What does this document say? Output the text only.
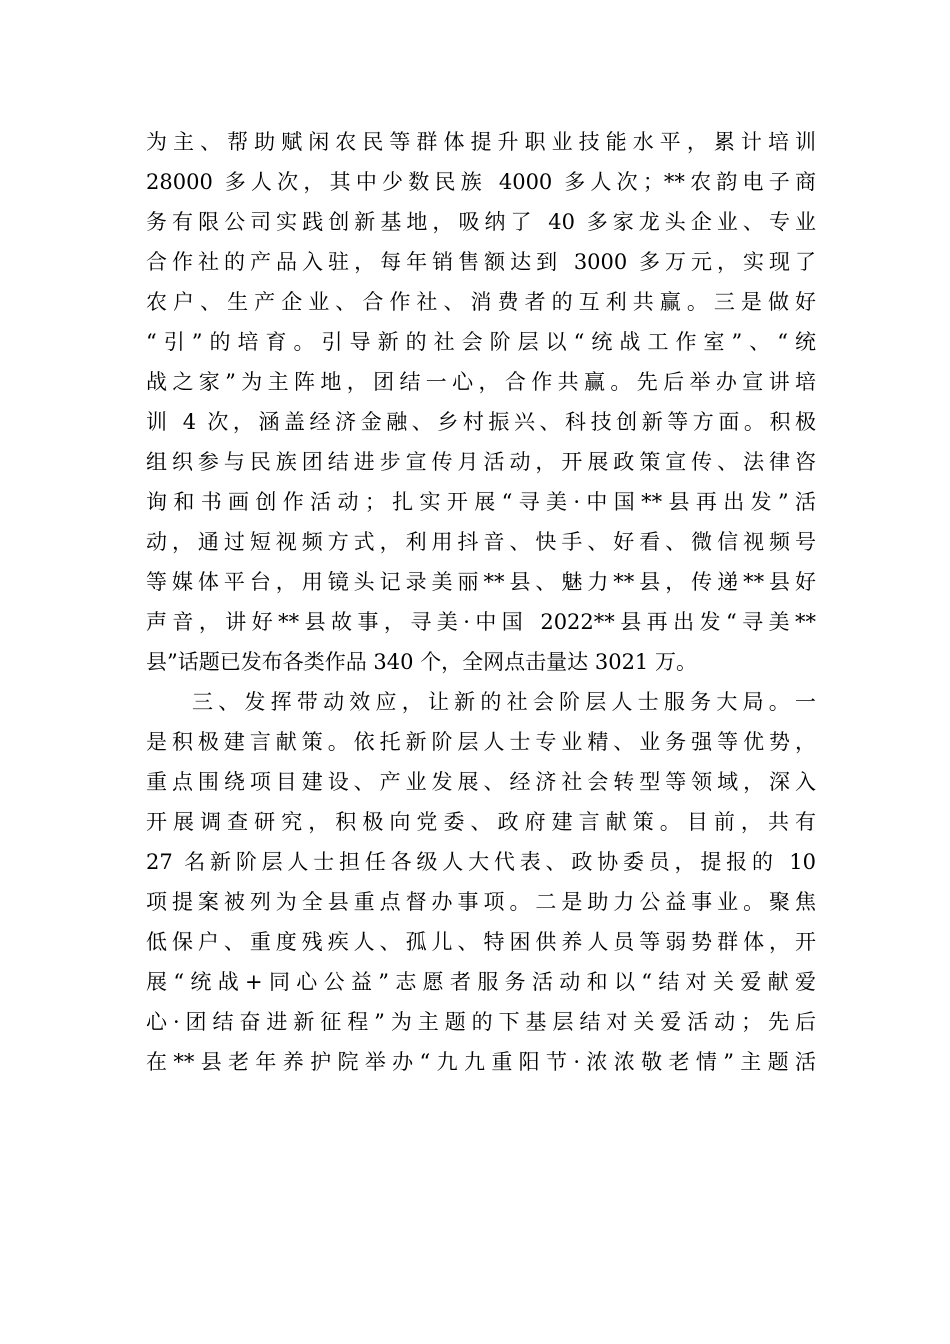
为主、帮助赋闲农民等群体提升职业技能水平，累计培训
28000 多人次，其中少数民族 4000 多人次；**农韵电子商
务有限公司实践创新基地，吸纳了 40 多家龙头企业、专业
合作社的产品入驻，每年销售额达到 3000 多万元，实现了
农户、生产企业、合作社、消费者的互利共赢。三是做好
“引”的培育。引导新的社会阶层以“统战工作室”、“统
战之家”为主阵地，团结一心，合作共赢。先后举办宣讲培
训 4 次，涵盖经济金融、乡村振兴、科技创新等方面。积极
组织参与民族团结进步宣传月活动，开展政策宣传、法律咨
询和书画创作活动；扎实开展“寻美·中国**县再出发”活
动，通过短视频方式，利用抖音、快手、好看、微信视频号
等媒体平台，用镜头记录美丽**县、魅力**县，传递**县好
声音，讲好**县故事，寻美·中国 2022**县再出发“寻美**
县”话题已发布各类作品 340 个，全网点击量达 3021 万。
三、发挥带动效应，让新的社会阶层人士服务大局。一
是积极建言献策。依托新阶层人士专业精、业务强等优势，
重点围绕项目建设、产业发展、经济社会转型等领域，深入
开展调查研究，积极向党委、政府建言献策。目前，共有
27 名新阶层人士担任各级人大代表、政协委员，提报的 10
项提案被列为全县重点督办事项。二是助力公益事业。聚焦
低保户、重度残疾人、孤儿、特困供养人员等弱势群体，开
展“统战+同心公益”志愿者服务活动和以“结对关爱献爱
心·团结奋进新征程”为主题的下基层结对关爱活动；先后
在**县老年养护院举办“九九重阳节·浓浓敬老情”主题活
